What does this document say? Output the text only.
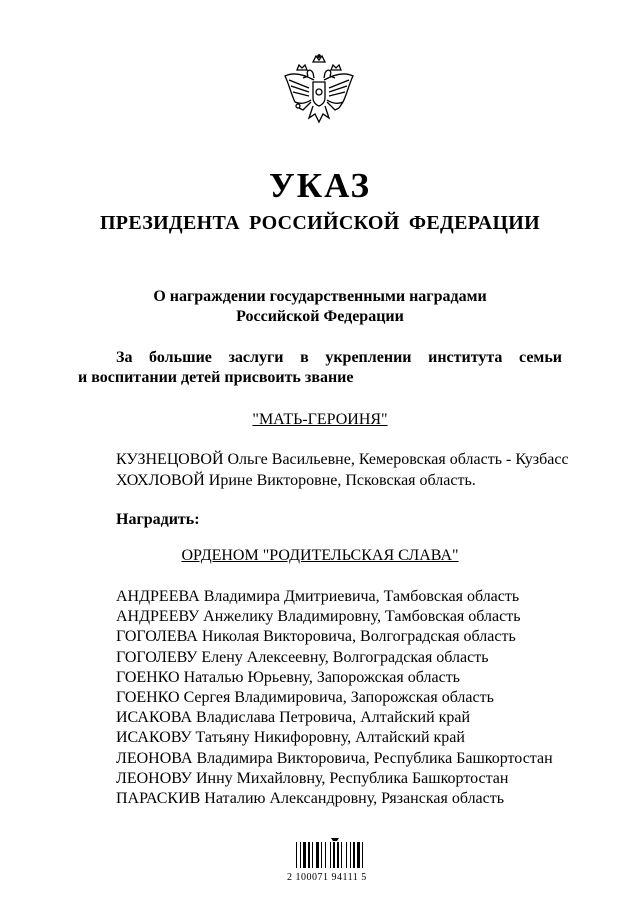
УКАЗ
ПРЕЗИДЕНТА РОССИЙСКОЙ ФЕДЕРАЦИИ
О награждении государственными наградами
Российской Федерации
За большие заслуги в укреплении института семьи
и воспитании детей присвоить звание
"МАТЬ-ГЕРОИНЯ"
КУЗНЕЦОВОЙ Ольге Васильевне, Кемеровская область - Кузбасс
ХОХЛОВОЙ Ирине Викторовне, Псковская область.
Наградить:
ОРДЕНОМ "РОДИТЕЛЬСКАЯ СЛАВА"
АНДРЕЕВА Владимира Дмитриевича, Тамбовская область
АНДРЕЕВУ Анжелику Владимировну, Тамбовская область
ГОГОЛЕВА Николая Викторовича, Волгоградская область
ГОГОЛЕВУ Елену Алексеевну, Волгоградская область
ГОЕНКО Наталью Юрьевну, Запорожская область
ГОЕНКО Сергея Владимировича, Запорожская область
ИСАКОВА Владислава Петровича, Алтайский край
ИСАКОВУ Татьяну Никифоровну, Алтайский край
ЛЕОНОВА Владимира Викторовича, Республика Башкортостан
ЛЕОНОВУ Инну Михайловну, Республика Башкортостан
ПАРАСКИВ Наталию Александровну, Рязанская область
2 100071 94111 5
